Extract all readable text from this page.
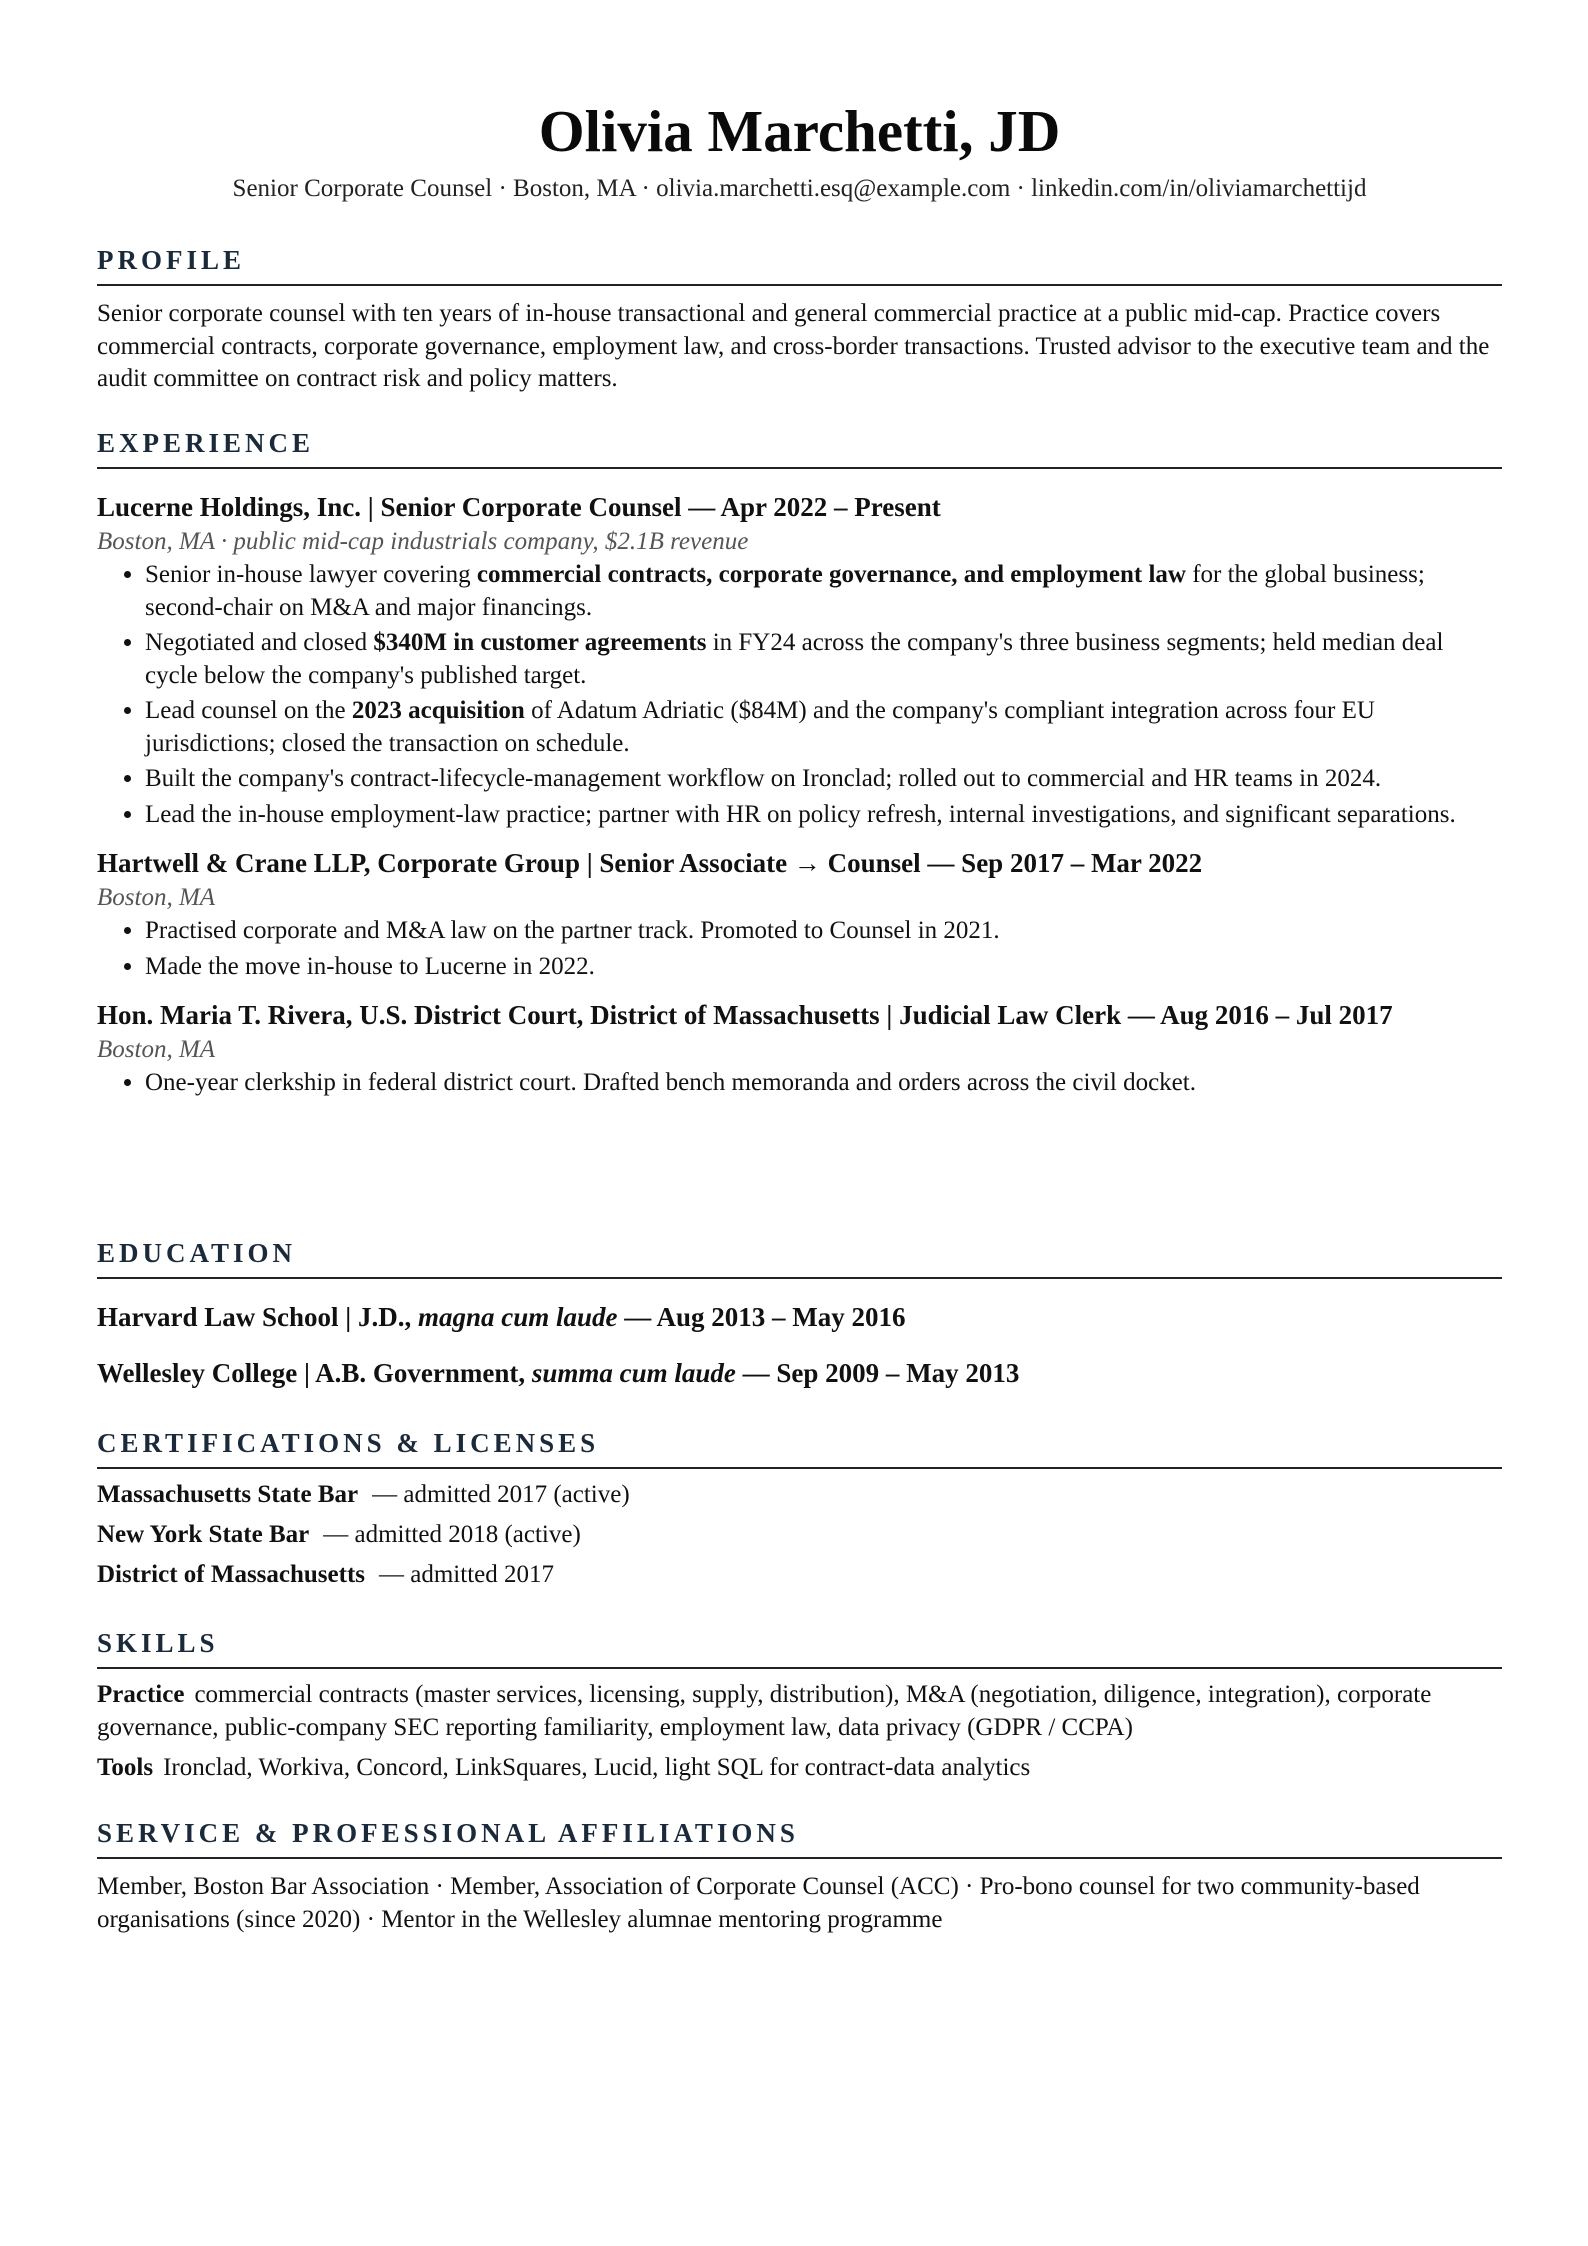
Olivia Marchetti, JD
Senior Corporate Counsel · Boston, MA · olivia.marchetti.esq@example.com · linkedin.com/in/oliviamarchettijd
PROFILE

Senior corporate counsel with ten years of in-house transactional and general commercial practice at a public mid-cap. Practice covers commercial contracts, corporate governance, employment law, and cross-border transactions. Trusted advisor to the executive team and the audit committee on contract risk and policy matters.

EXPERIENCE

Lucerne Holdings, Inc. | Senior Corporate Counsel — Apr 2022 – Present

Boston, MA · public mid-cap industrials company, $2.1B revenue

• Senior in-house lawyer covering commercial contracts, corporate governance, and employment law for the global business; second-chair on M&A and major financings.
• Negotiated and closed $340M in customer agreements in FY24 across the company's three business segments; held median deal cycle below the company's published target.
• Lead counsel on the 2023 acquisition of Adatum Adriatic ($84M) and the company's compliant integration across four EU jurisdictions; closed the transaction on schedule.
• Built the company's contract-lifecycle-management workflow on Ironclad; rolled out to commercial and HR teams in 2024.
• Lead the in-house employment-law practice; partner with HR on policy refresh, internal investigations, and significant separations.

Hartwell & Crane LLP, Corporate Group | Senior Associate → Counsel — Sep 2017 – Mar 2022

Boston, MA

• Practised corporate and M&A law on the partner track. Promoted to Counsel in 2021.
• Made the move in-house to Lucerne in 2022.

Hon. Maria T. Rivera, U.S. District Court, District of Massachusetts | Judicial Law Clerk — Aug 2016 – Jul 2017

Boston, MA

• One-year clerkship in federal district court. Drafted bench memoranda and orders across the civil docket.
EDUCATION

Harvard Law School | J.D., magna cum laude — Aug 2013 – May 2016

Wellesley College | A.B. Government, summa cum laude — Sep 2009 – May 2013

CERTIFICATIONS & LICENSES

Massachusetts State Bar — admitted 2017 (active)

New York State Bar — admitted 2018 (active)

District of Massachusetts — admitted 2017

SKILLS

Practice commercial contracts (master services, licensing, supply, distribution), M&A (negotiation, diligence, integration), corporate governance, public-company SEC reporting familiarity, employment law, data privacy (GDPR / CCPA)

Tools Ironclad, Workiva, Concord, LinkSquares, Lucid, light SQL for contract-data analytics

SERVICE & PROFESSIONAL AFFILIATIONS

Member, Boston Bar Association · Member, Association of Corporate Counsel (ACC) · Pro-bono counsel for two community-based organisations (since 2020) · Mentor in the Wellesley alumnae mentoring programme
